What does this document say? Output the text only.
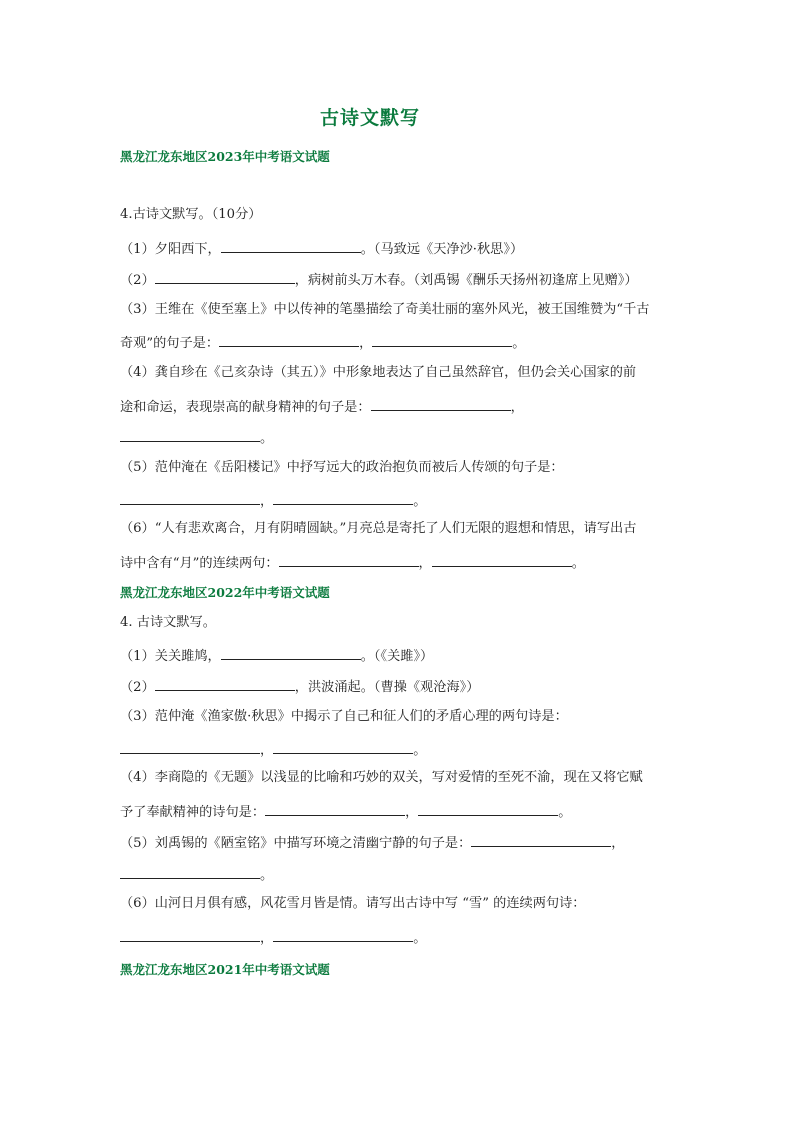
古诗文默写
黑龙江龙东地区2023年中考语文试题
4.古诗文默写。（10分）
（1）夕阳西下，	。（马致远《天净沙·秋思》）
（2）	，病树前头万木春。（刘禹锡《酬乐天扬州初逢席上见赠》）
（3）王维在《使至塞上》中以传神的笔墨描绘了奇美壮丽的塞外风光，被王国维赞为“千古
奇观”的句子是：	，	。
（4）龚自珍在《己亥杂诗（其五）》中形象地表达了自己虽然辞官，但仍会关心国家的前
途和命运，表现崇高的献身精神的句子是：	，
。
（5）范仲淹在《岳阳楼记》中抒写远大的政治抱负而被后人传颂的句子是：
，	。
（6）“人有悲欢离合，月有阴晴圆缺。”月亮总是寄托了人们无限的遐想和情思，请写出古
诗中含有“月”的连续两句：	，	。
黑龙江龙东地区2022年中考语文试题
4. 古诗文默写。
（1）关关雎鸠，	。（《关雎》）
（2）	，洪波涌起。（曹操《观沧海》）
（3）范仲淹《渔家傲·秋思》中揭示了自己和征人们的矛盾心理的两句诗是：
，	。
（4）李商隐的《无题》以浅显的比喻和巧妙的双关，写对爱情的至死不渝，现在又将它赋
予了奉献精神的诗句是：	，	。
（5）刘禹锡的《陋室铭》中描写环境之清幽宁静的句子是：	，
。
（6）山河日月俱有感，风花雪月皆是情。请写出古诗中写 “雪” 的连续两句诗：
，	。
黑龙江龙东地区2021年中考语文试题
